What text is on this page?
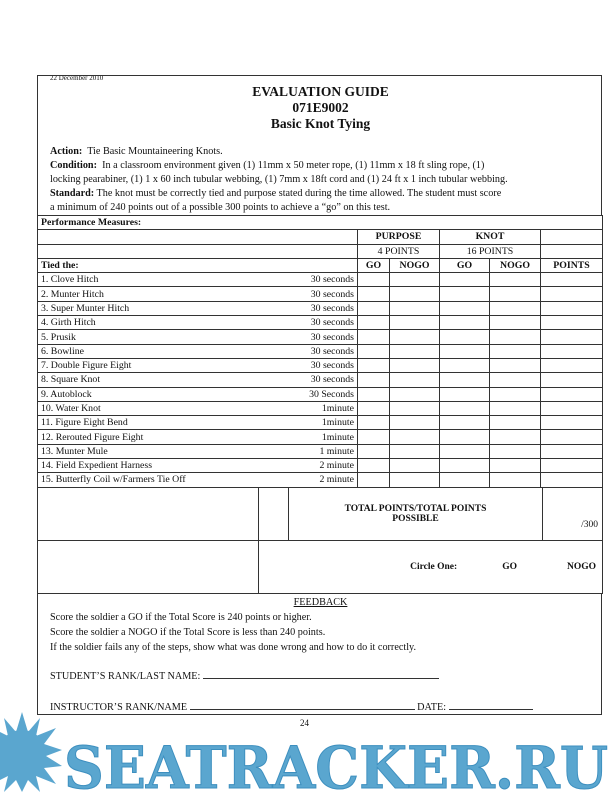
22 December 2010
EVALUATION GUIDE
071E9002
Basic Knot Tying
Action: Tie Basic Mountaineering Knots.
Condition: In a classroom environment given (1) 11mm x 50 meter rope, (1) 11mm x 18 ft sling rope, (1)
locking pearabiner, (1) 1 x 60 inch tubular webbing, (1) 7mm x 18ft cord and (1) 24 ft x 1 inch tubular webbing.
Standard: The knot must be correctly tied and purpose stated during the time allowed. The student must score
a minimum of 240 points out of a possible 300 points to achieve a “go” on this test.
Performance Measures:					
	PURPOSE		KNOT		
	4 POINTS		16 POINTS		
Tied the:	GO	NOGO	GO	NOGO	POINTS
1. Clove Hitch 30 seconds					

2. Munter Hitch 30 seconds					

3. Super Munter Hitch 30 seconds					

4. Girth Hitch 30 seconds					

5. Prusik 30 seconds					

6. Bowline 30 seconds					

7. Double Figure Eight 30 seconds					

8. Square Knot 30 seconds					

9. Autoblock 30 Seconds					

10. Water Knot 1minute					

11. Figure Eight Bend 1minute					

12. Rerouted Figure Eight 1minute					

13. Munter Mule 1 minute					

14. Field Expedient Harness 2 minute					

15. Butterfly Coil w/Farmers Tie Off 2 minute					

		TOTAL POINTS/TOTAL POINTS
POSSIBLE	/300
	Circle One: GO NOGO		
FEEDBACK
Score the soldier a GO if the Total Score is 240 points or higher.
Score the soldier a NOGO if the Total Score is less than 240 points.
If the soldier fails any of the steps, show what was done wrong and how to do it correctly.
STUDENT’S RANK/LAST NAME:
INSTRUCTOR’S RANK/NAME	DATE:
SEATRACKER.RU
24
